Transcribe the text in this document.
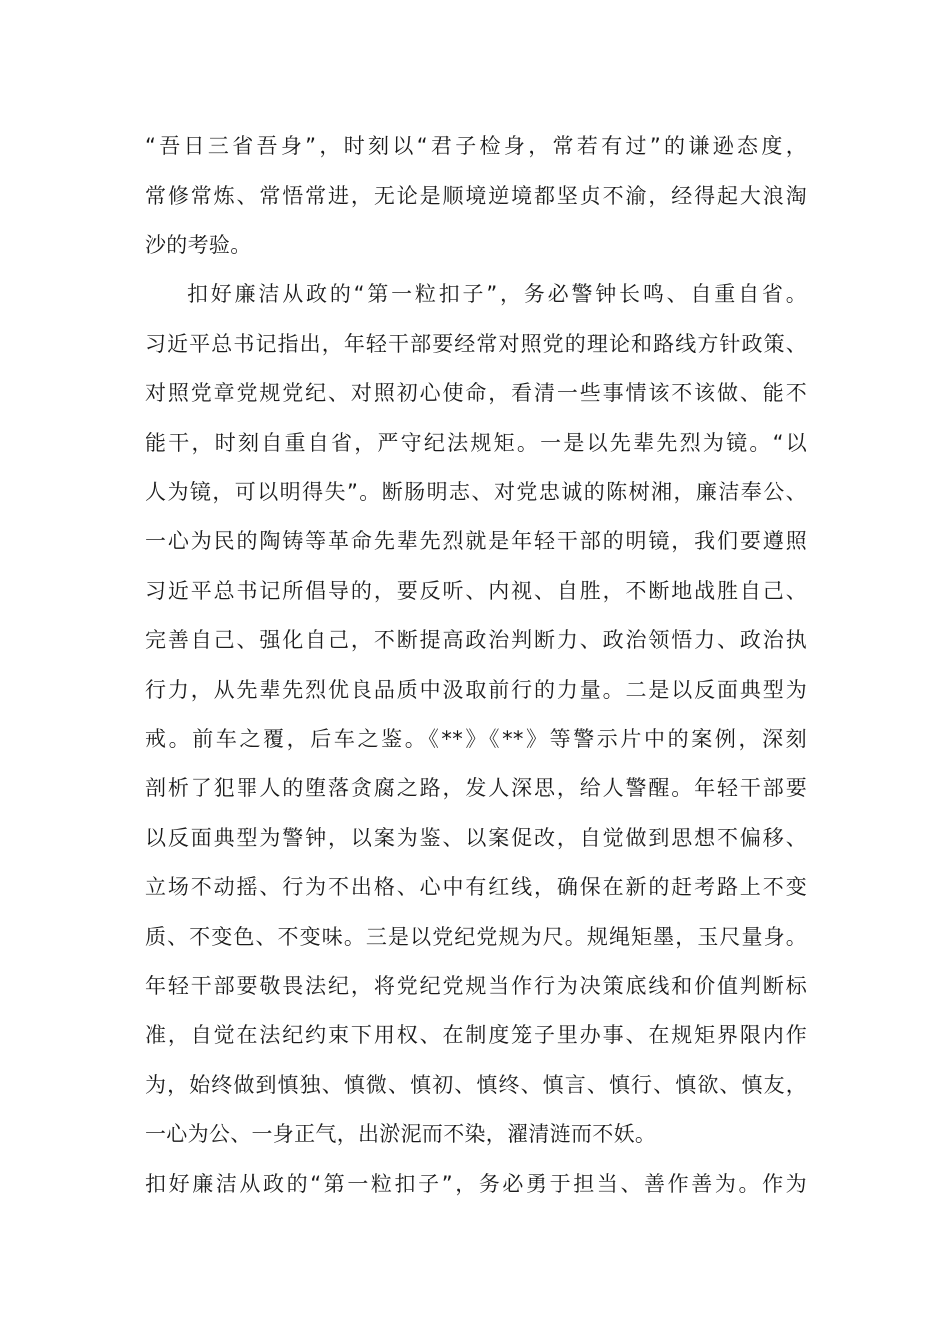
“吾日三省吾身”，时刻以“君子检身，常若有过”的谦逊态度，
常修常炼、常悟常进，无论是顺境逆境都坚贞不渝，经得起大浪淘
沙的考验。
扣好廉洁从政的“第一粒扣子”，务必警钟长鸣、自重自省。
习近平总书记指出，年轻干部要经常对照党的理论和路线方针政策、
对照党章党规党纪、对照初心使命，看清一些事情该不该做、能不
能干，时刻自重自省，严守纪法规矩。一是以先辈先烈为镜。“以
人为镜，可以明得失”。断肠明志、对党忠诚的陈树湘，廉洁奉公、
一心为民的陶铸等革命先辈先烈就是年轻干部的明镜，我们要遵照
习近平总书记所倡导的，要反听、内视、自胜，不断地战胜自己、
完善自己、强化自己，不断提高政治判断力、政治领悟力、政治执
行力，从先辈先烈优良品质中汲取前行的力量。二是以反面典型为
戒。前车之覆，后车之鉴。《**》《**》等警示片中的案例，深刻
剖析了犯罪人的堕落贪腐之路，发人深思，给人警醒。年轻干部要
以反面典型为警钟，以案为鉴、以案促改，自觉做到思想不偏移、
立场不动摇、行为不出格、心中有红线，确保在新的赶考路上不变
质、不变色、不变味。三是以党纪党规为尺。规绳矩墨，玉尺量身。
年轻干部要敬畏法纪，将党纪党规当作行为决策底线和价值判断标
准，自觉在法纪约束下用权、在制度笼子里办事、在规矩界限内作
为，始终做到慎独、慎微、慎初、慎终、慎言、慎行、慎欲、慎友，
一心为公、一身正气，出淤泥而不染，濯清涟而不妖。
扣好廉洁从政的“第一粒扣子”，务必勇于担当、善作善为。作为
